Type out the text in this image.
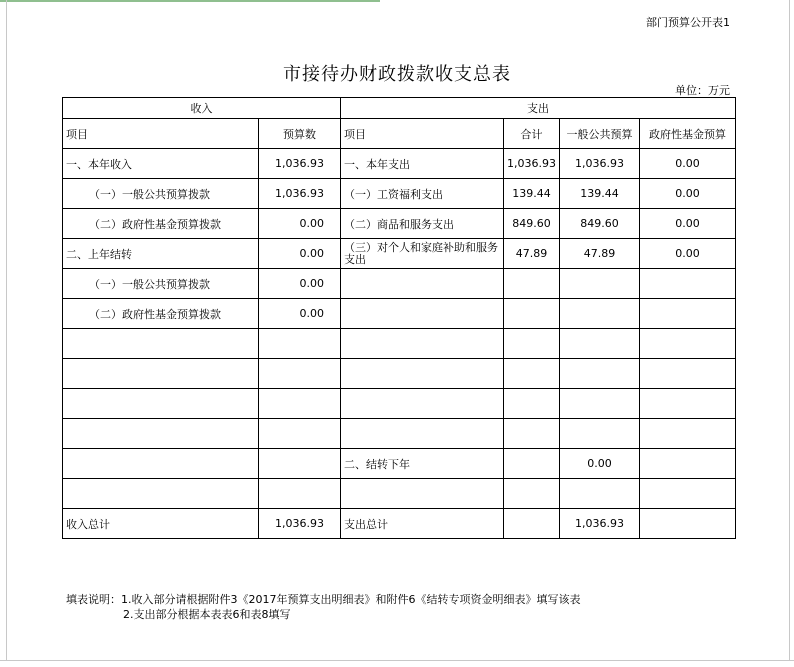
部门预算公开表1
市接待办财政拨款收支总表
单位：万元
收入		支出			
项目	预算数	项目	合计	一般公共预算	政府性基金预算
一、本年收入	1,036.93	一、本年支出	1,036.93	1,036.93	0.00
（一）一般公共预算拨款	1,036.93	（一）工资福利支出	139.44	139.44	0.00
（二）政府性基金预算拨款	0.00	（二）商品和服务支出	849.60	849.60	0.00
二、上年结转	0.00	（三）对个人和家庭补助和服务支出	47.89	47.89	0.00
（一）一般公共预算拨款	0.00				
（二）政府性基金预算拨款	0.00				

		二、结转下年		0.00	

收入总计	1,036.93	支出总计		1,036.93	
填表说明：1.收入部分请根据附件3《2017年预算支出明细表》和附件6《结转专项资金明细表》填写该表
2.支出部分根据本表表6和表8填写
